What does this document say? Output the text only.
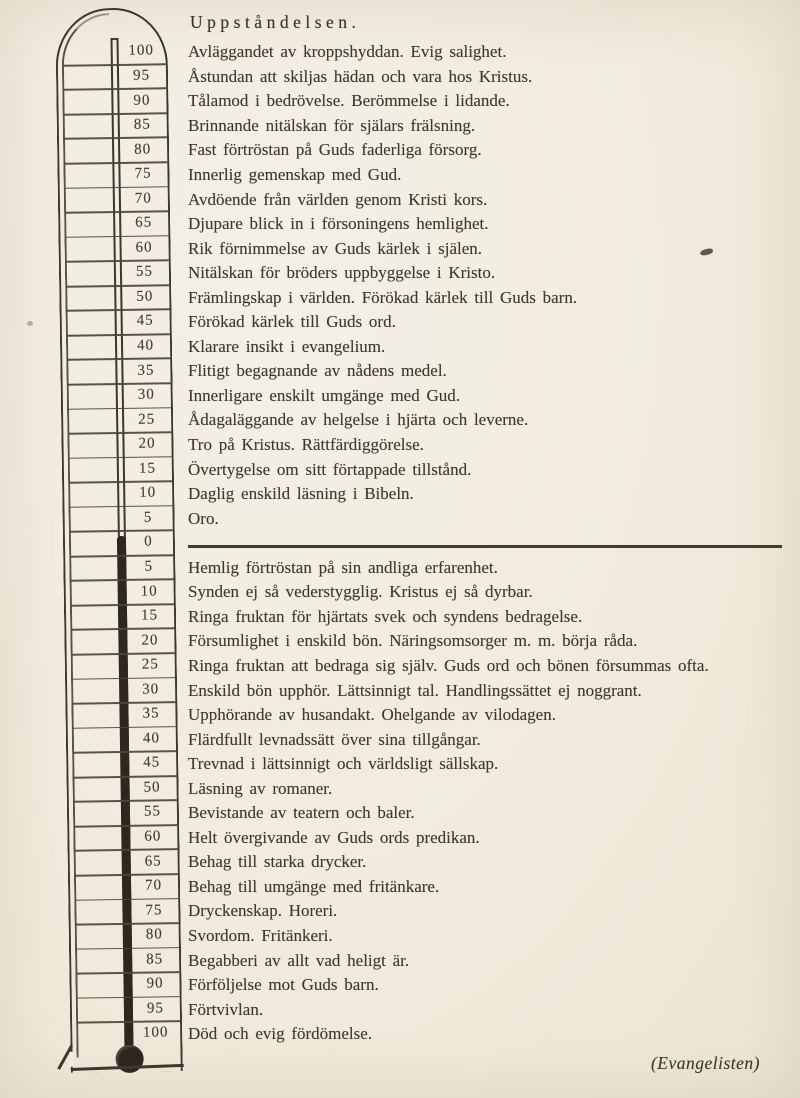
100
95
90
85
80
75
70
65
60
55
50
45
40
35
30
25
20
15
10
5
0
5
10
15
20
25
30
35
40
45
50
55
60
65
70
75
80
85
90
95
100
Uppståndelsen.
Avläggandet av kroppshyddan. Evig salighet.
Åstundan att skiljas hädan och vara hos Kristus.
Tålamod i bedrövelse. Berömmelse i lidande.
Brinnande nitälskan för själars frälsning.
Fast förtröstan på Guds faderliga försorg.
Innerlig gemenskap med Gud.
Avdöende från världen genom Kristi kors.
Djupare blick in i försoningens hemlighet.
Rik förnimmelse av Guds kärlek i själen.
Nitälskan för bröders uppbyggelse i Kristo.
Främlingskap i världen. Förökad kärlek till Guds barn.
Förökad kärlek till Guds ord.
Klarare insikt i evangelium.
Flitigt begagnande av nådens medel.
Innerligare enskilt umgänge med Gud.
Ådagaläggande av helgelse i hjärta och leverne.
Tro på Kristus. Rättfärdiggörelse.
Övertygelse om sitt förtappade tillstånd.
Daglig enskild läsning i Bibeln.
Oro.
Hemlig förtröstan på sin andliga erfarenhet.
Synden ej så vederstygglig. Kristus ej så dyrbar.
Ringa fruktan för hjärtats svek och syndens bedragelse.
Försumlighet i enskild bön. Näringsomsorger m. m. börja råda.
Ringa fruktan att bedraga sig själv. Guds ord och bönen försummas ofta.
Enskild bön upphör. Lättsinnigt tal. Handlingssättet ej noggrant.
Upphörande av husandakt. Ohelgande av vilodagen.
Flärdfullt levnadssätt över sina tillgångar.
Trevnad i lättsinnigt och världsligt sällskap.
Läsning av romaner.
Bevistande av teatern och baler.
Helt övergivande av Guds ords predikan.
Behag till starka drycker.
Behag till umgänge med fritänkare.
Dryckenskap. Horeri.
Svordom. Fritänkeri.
Begabberi av allt vad heligt är.
Förföljelse mot Guds barn.
Förtvivlan.
Död och evig fördömelse.
(Evangelisten)
